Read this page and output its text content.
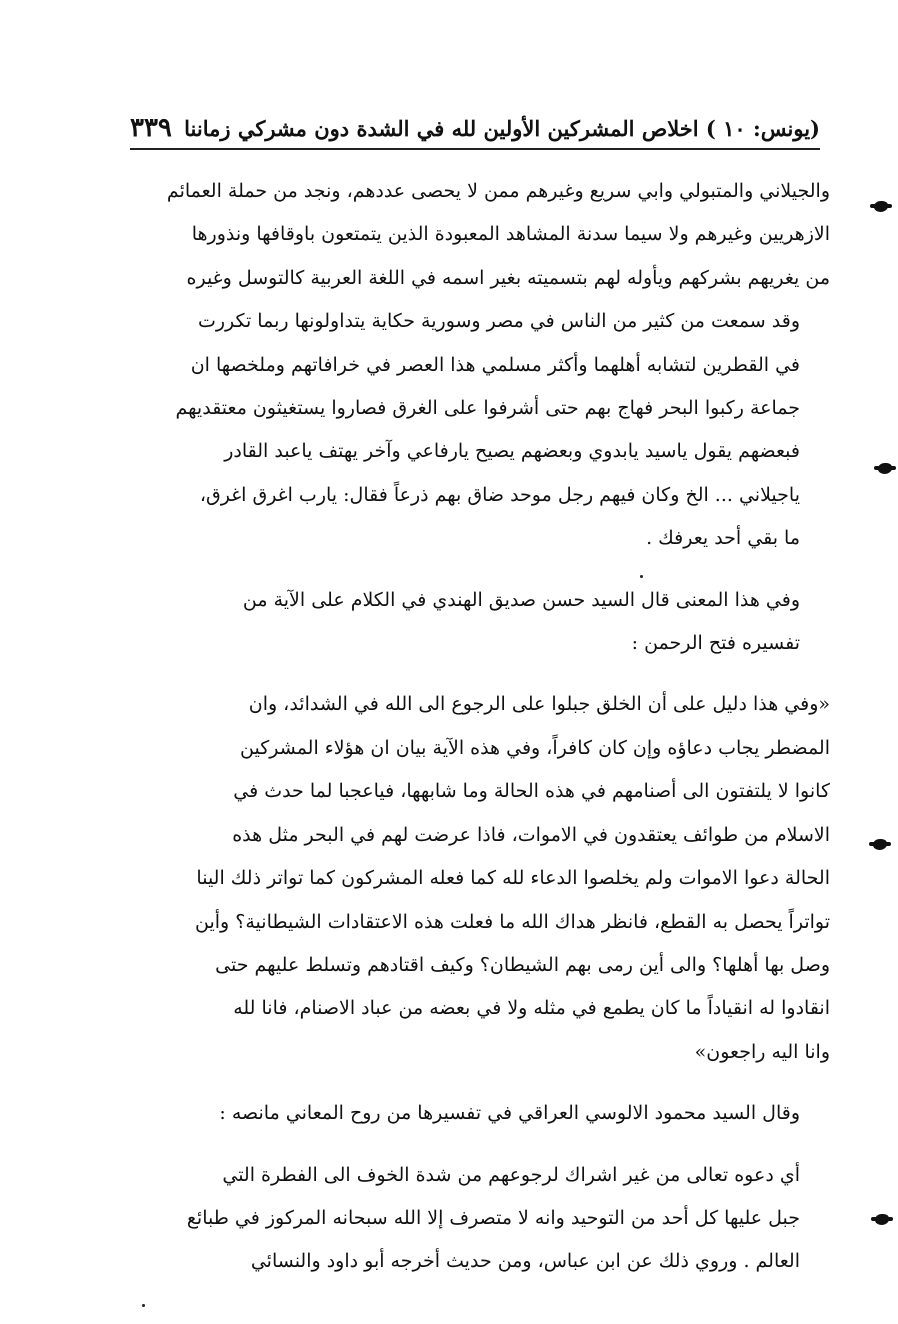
(يونس: ١٠ ) اخلاص المشركين الأولين لله في الشدة دون مشركي زماننا
٣٣٩

والجيلاني والمتبولي وابي سريع وغيرهم ممن لا يحصى عددهم، ونجد من حملة العمائم
الازهريين وغيرهم ولا سيما سدنة المشاهد المعبودة الذين يتمتعون باوقافها ونذورها
من يغريهم بشركهم ويأوله لهم بتسميته بغير اسمه في اللغة العربية كالتوسل وغيره

وقد سمعت من كثير من الناس في مصر وسورية حكاية يتداولونها ربما تكررت
في القطرين لتشابه أهلهما وأكثر مسلمي هذا العصر في خرافاتهم وملخصها ان
جماعة ركبوا البحر فهاج بهم حتى أشرفوا على الغرق فصاروا يستغيثون معتقديهم
فبعضهم يقول ياسيد يابدوي وبعضهم يصيح يارفاعي وآخر يهتف ياعبد القادر
ياجيلاني ... الخ وكان فيهم رجل موحد ضاق بهم ذرعاً فقال: يارب اغرق اغرق،
ما بقي أحد يعرفك .

وفي هذا المعنى قال السيد حسن صديق الهندي في الكلام على الآية من
تفسيره فتح الرحمن :

«وفي هذا دليل على أن الخلق جبلوا على الرجوع الى الله في الشدائد، وان
المضطر يجاب دعاؤه وإن كان كافراً، وفي هذه الآية بيان ان هؤلاء المشركين
كانوا لا يلتفتون الى أصنامهم في هذه الحالة وما شابهها، فياعجبا لما حدث في
الاسلام من طوائف يعتقدون في الاموات، فاذا عرضت لهم في البحر مثل هذه
الحالة دعوا الاموات ولم يخلصوا الدعاء لله كما فعله المشركون كما تواتر ذلك الينا
تواتراً يحصل به القطع، فانظر هداك الله ما فعلت هذه الاعتقادات الشيطانية؟ وأين
وصل بها أهلها؟ والى أين رمى بهم الشيطان؟ وكيف اقتادهم وتسلط عليهم حتى
انقادوا له انقياداً ما كان يطمع في مثله ولا في بعضه من عباد الاصنام، فانا لله
وانا اليه راجعون»

وقال السيد محمود الالوسي العراقي في تفسيرها من روح المعاني مانصه :

أي دعوه تعالى من غير اشراك لرجوعهم من شدة الخوف الى الفطرة التي
جبل عليها كل أحد من التوحيد وانه لا متصرف إلا الله سبحانه المركوز في طبائع
العالم . وروي ذلك عن ابن عباس، ومن حديث أخرجه أبو داود والنسائي
